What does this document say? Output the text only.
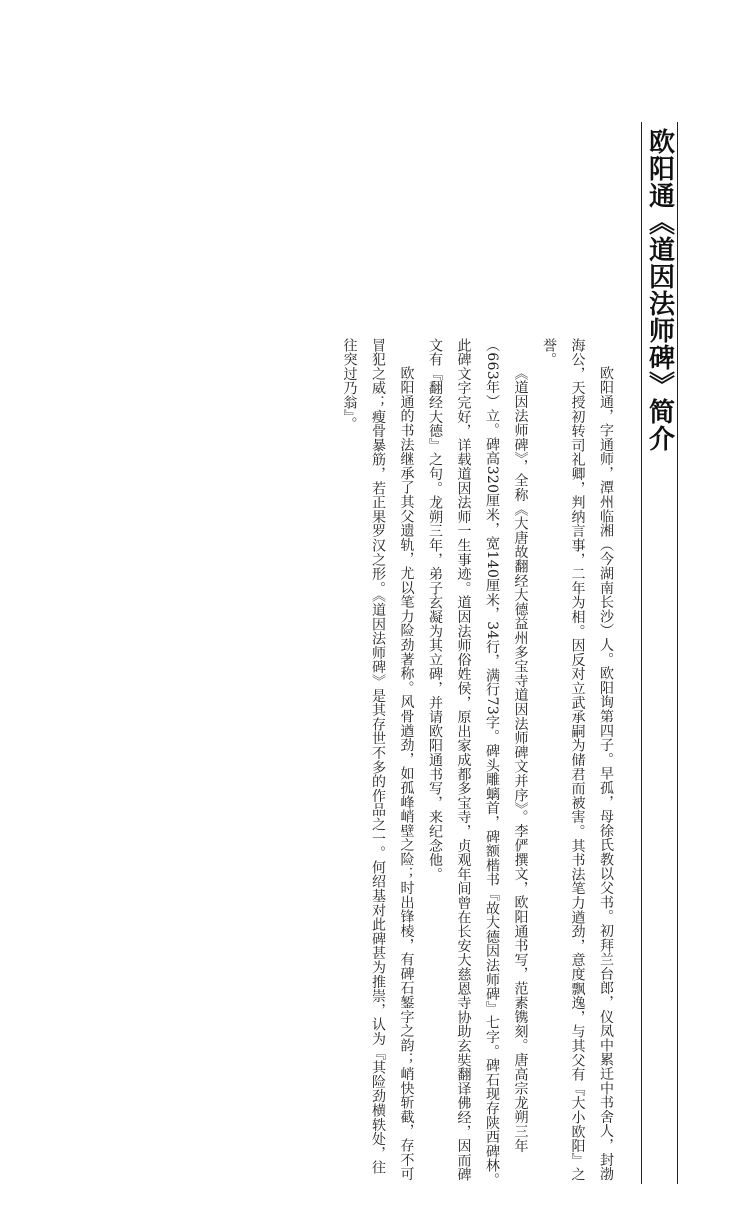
欧阳通《道因法师碑》简介

欧阳通，字通师，潭州临湘（今湖南长沙）人。欧阳询第四子。早孤，母徐氏教以父书。初拜兰台郎，仪凤中累迁中书舍人，封渤海公，天授初转司礼卿，判纳言事，二年为相。因反对立武承嗣为储君而被害。其书法笔力遒劲，意度飘逸，与其父有『大小欧阳』之誉。

《道因法师碑》，全称《大唐故翻经大德益州多宝寺道因法师碑文并序》。李俨撰文，欧阳通书写，范素镌刻。唐高宗龙朔三年（663年）立。碑高320厘米，宽140厘米，34行，满行73字。碑头雕螭首，碑额楷书『故大德因法师碑』七字。碑石现存陕西碑林。此碑文字完好，详载道因法师一生事迹。道因法师俗姓侯，原出家成都多宝寺，贞观年间曾在长安大慈恩寺协助玄奘翻译佛经，因而碑文有『翻经大德』之句。龙朔三年，弟子玄凝为其立碑，并请欧阳通书写，来纪念他。

欧阳通的书法继承了其父遗轨，尤以笔力险劲著称。风骨遒劲，如孤峰峭壁之险；时出锋棱，有碑石錾字之韵；峭快斩截，存不可冒犯之威；瘦骨暴筋，若正果罗汉之形。《道因法师碑》是其存世不多的作品之一。何绍基对此碑甚为推崇，认为『其险劲横轶处，往往突过乃翁』。
